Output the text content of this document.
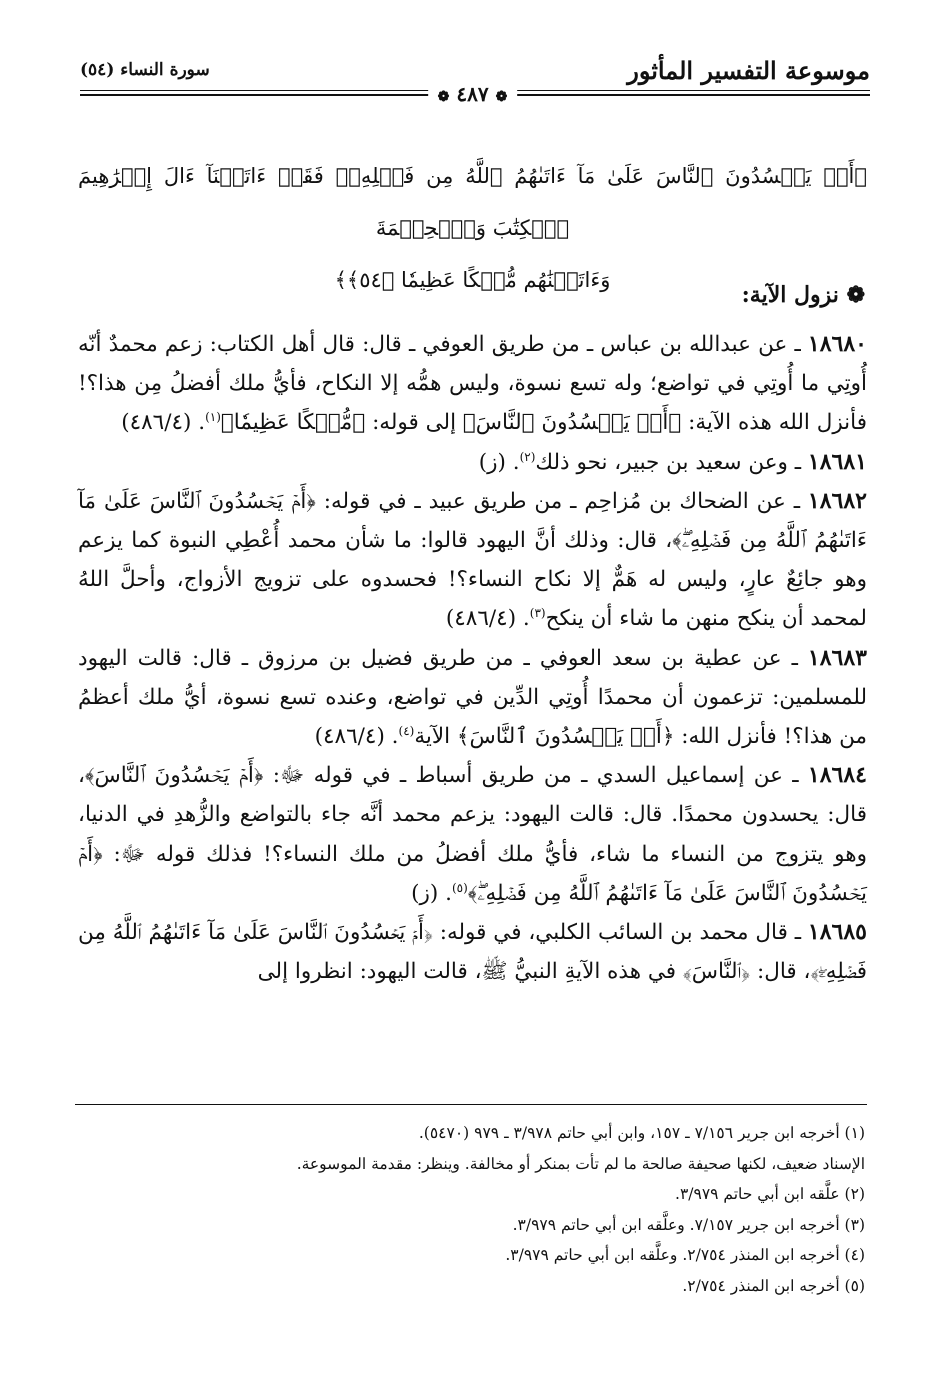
موسوعة التفسير المأثور
سورة النساء (٥٤)
❁ ٤٨٧ ❁
﴿أَمۡ يَحۡسُدُونَ ٱلنَّاسَ عَلَىٰ مَآ ءَاتَىٰهُمُ ٱللَّهُ مِن فَضۡلِهِۦۖ فَقَدۡ ءَاتَيۡنَآ ءَالَ إِبۡرَٰهِيمَ ٱلۡكِتَٰبَ وَٱلۡحِكۡمَةَ
وَءَاتَيۡنَٰهُم مُّلۡكًا عَظِيمٗا ﴿٥٤﴾﴾
❁ نزول الآية:

١٨٦٨٠ ـ عن عبدالله بن عباس ـ من طريق العوفي ـ قال: قال أهل الكتاب: زعم محمدٌ أنّه أُوتِي ما أُوتِي في تواضع؛ وله تسع نسوة، وليس همُّه إلا النكاح، فأيُّ ملك أفضلُ مِن هذا؟! فأنزل الله هذه الآية: ﴿أَمۡ يَحۡسُدُونَ ٱلنَّاسَ﴾ إلى قوله: ﴿مُّلۡكًا عَظِيمٗا﴾$^{(١)}$. (٤٨٦/٤)

١٨٦٨١ ـ وعن سعيد بن جبير، نحو ذلك$^{(٢)}$. (ز)

١٨٦٨٢ ـ عن الضحاك بن مُزاحِم ـ من طريق عبيد ـ في قوله: ﴿أَمۡ يَحۡسُدُونَ ٱلنَّاسَ عَلَىٰ مَآ ءَاتَىٰهُمُ ٱللَّهُ مِن فَضۡلِهِۦۖ﴾، قال: وذلك أنَّ اليهود قالوا: ما شأن محمد أُعْطِي النبوة كما يزعم وهو جائِعٌ عارٍ، وليس له هَمٌّ إلا نكاح النساء؟! فحسدوه على تزويج الأزواج، وأحلَّ اللهُ لمحمد أن ينكح منهن ما شاء أن ينكح$^{(٣)}$. (٤٨٦/٤)

١٨٦٨٣ ـ عن عطية بن سعد العوفي ـ من طريق فضيل بن مرزوق ـ قال: قالت اليهود للمسلمين: تزعمون أن محمدًا أُوتِي الدِّين في تواضع، وعنده تسع نسوة، أيُّ ملك أعظمُ من هذا؟! فأنزل الله: ﴿أَمۡ يَحۡسُدُونَ ٱلنَّاسَ﴾ الآية$^{(٤)}$. (٤٨٦/٤)

١٨٦٨٤ ـ عن إسماعيل السدي ـ من طريق أسباط ـ في قوله ﷻ: ﴿أَمۡ يَحۡسُدُونَ ٱلنَّاسَ﴾، قال: يحسدون محمدًا. قال: قالت اليهود: يزعم محمد أنَّه جاء بالتواضع والزُّهدِ في الدنيا، وهو يتزوج من النساء ما شاء، فأيُّ ملك أفضلُ من ملك النساء؟! فذلك قوله ﷻ: ﴿أَمۡ يَحۡسُدُونَ ٱلنَّاسَ عَلَىٰ مَآ ءَاتَىٰهُمُ ٱللَّهُ مِن فَضۡلِهِۦۖ﴾$^{(٥)}$. (ز)

١٨٦٨٥ ـ قال محمد بن السائب الكلبي، في قوله: ﴿أَمۡ يَحۡسُدُونَ ٱلنَّاسَ عَلَىٰ مَآ ءَاتَىٰهُمُ ٱللَّهُ مِن فَضۡلِهِۦۖ﴾، قال: ﴿ٱلنَّاسَ﴾ في هذه الآيةِ النبيُّ ﷺ، قالت اليهود: انظروا إلى

(١) أخرجه ابن جرير ٧/١٥٦ ـ ١٥٧، وابن أبي حاتم ٣/٩٧٨ ـ ٩٧٩ (٥٤٧٠).
الإسناد ضعيف، لكنها صحيفة صالحة ما لم تأت بمنكر أو مخالفة. وينظر: مقدمة الموسوعة.
(٢) علَّقه ابن أبي حاتم ٣/٩٧٩.
(٣) أخرجه ابن جرير ٧/١٥٧. وعلَّقه ابن أبي حاتم ٣/٩٧٩.
(٤) أخرجه ابن المنذر ٢/٧٥٤. وعلَّقه ابن أبي حاتم ٣/٩٧٩.
(٥) أخرجه ابن المنذر ٢/٧٥٤.
